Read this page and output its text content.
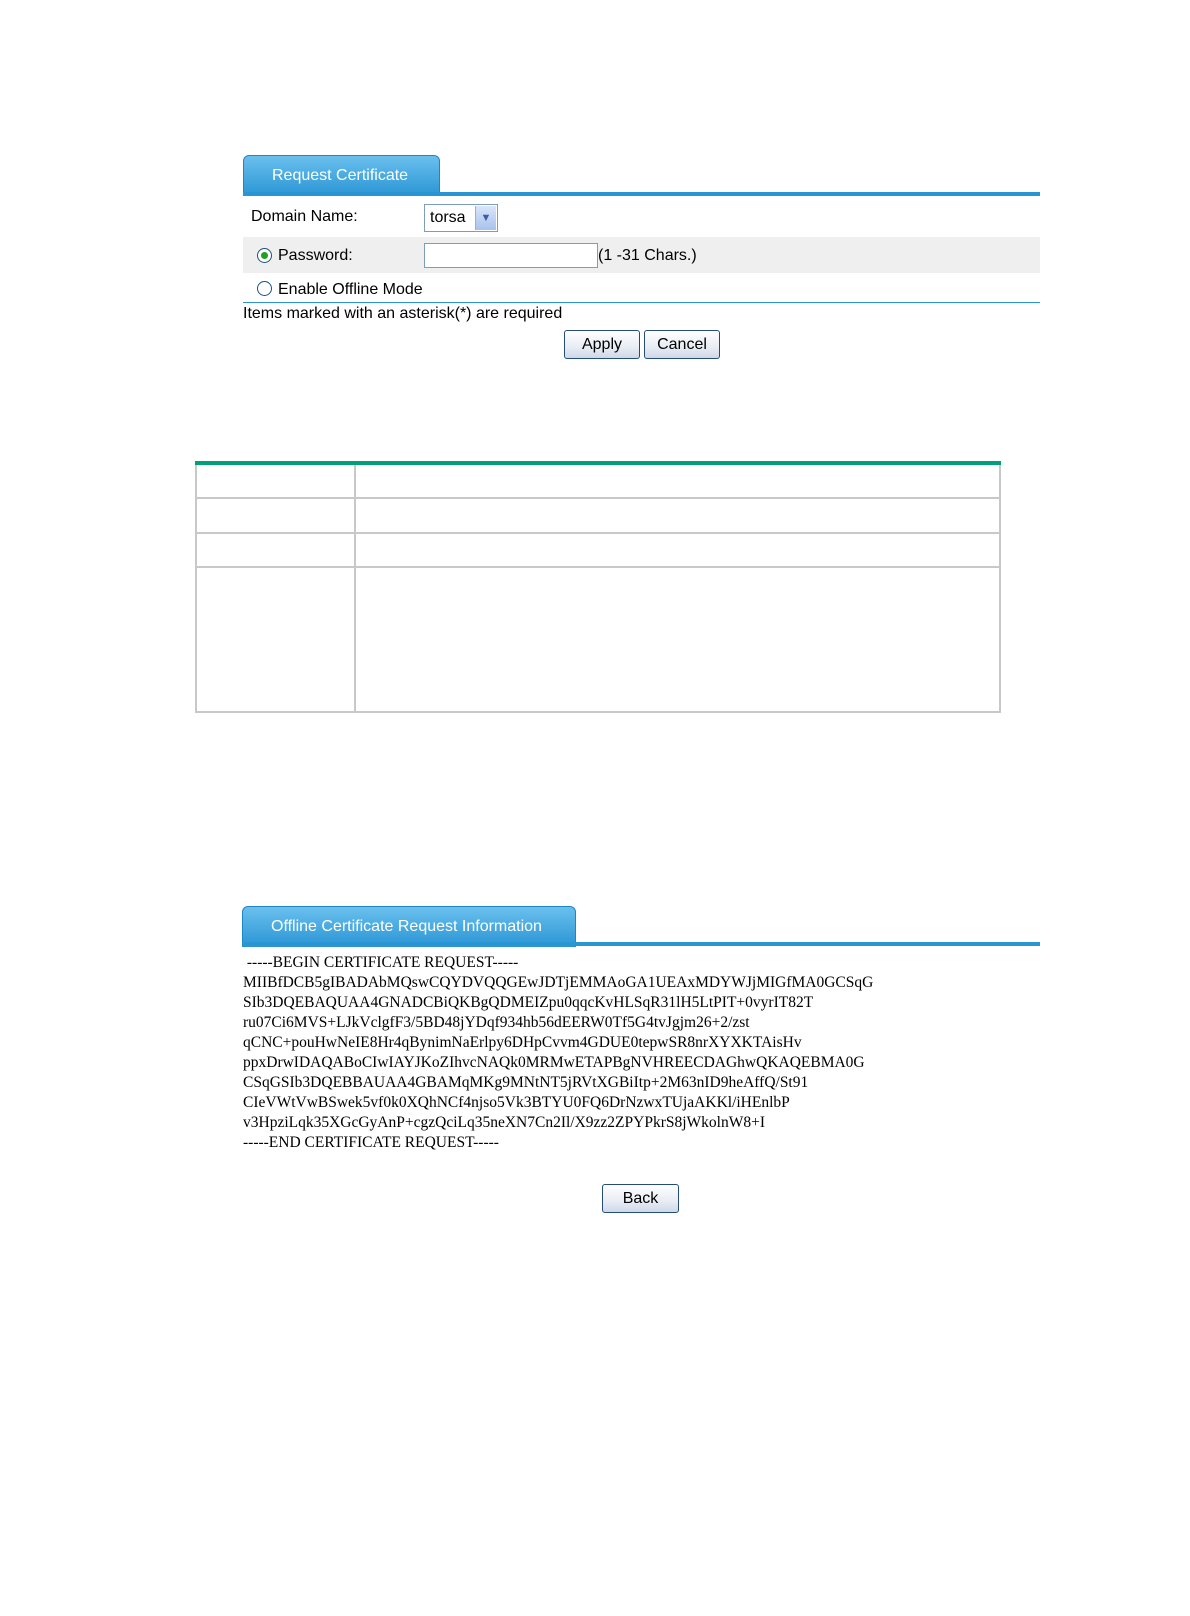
Request Certificate
Domain Name:	torsa	▼
Password:	(1 -31 Chars.)
Enable Offline Mode
Items marked with an asterisk(*) are required
Apply	Cancel
Offline Certificate Request Information
-----BEGIN CERTIFICATE REQUEST-----
MIIBfDCB5gIBADAbMQswCQYDVQQGEwJDTjEMMAoGA1UEAxMDYWJjMIGfMA0GCSqG
SIb3DQEBAQUAA4GNADCBiQKBgQDMEIZpu0qqcKvHLSqR31lH5LtPIT+0vyrIT82T
ru07Ci6MVS+LJkVclgfF3/5BD48jYDqf934hb56dEERW0Tf5G4tvJgjm26+2/zst
qCNC+pouHwNeIE8Hr4qBynimNaErlpy6DHpCvvm4GDUE0tepwSR8nrXYXKTAisHv
ppxDrwIDAQABoCIwIAYJKoZIhvcNAQk0MRMwETAPBgNVHREECDAGhwQKAQEBMA0G
CSqGSIb3DQEBBAUAA4GBAMqMKg9MNtNT5jRVtXGBiItp+2M63nID9heAffQ/St91
CIeVWtVwBSwek5vf0k0XQhNCf4njso5Vk3BTYU0FQ6DrNzwxTUjaAKKl/iHEnlbP
v3HpziLqk35XGcGyAnP+cgzQciLq35neXN7Cn2Il/X9zz2ZPYPkrS8jWkolnW8+I
-----END CERTIFICATE REQUEST-----
Back
